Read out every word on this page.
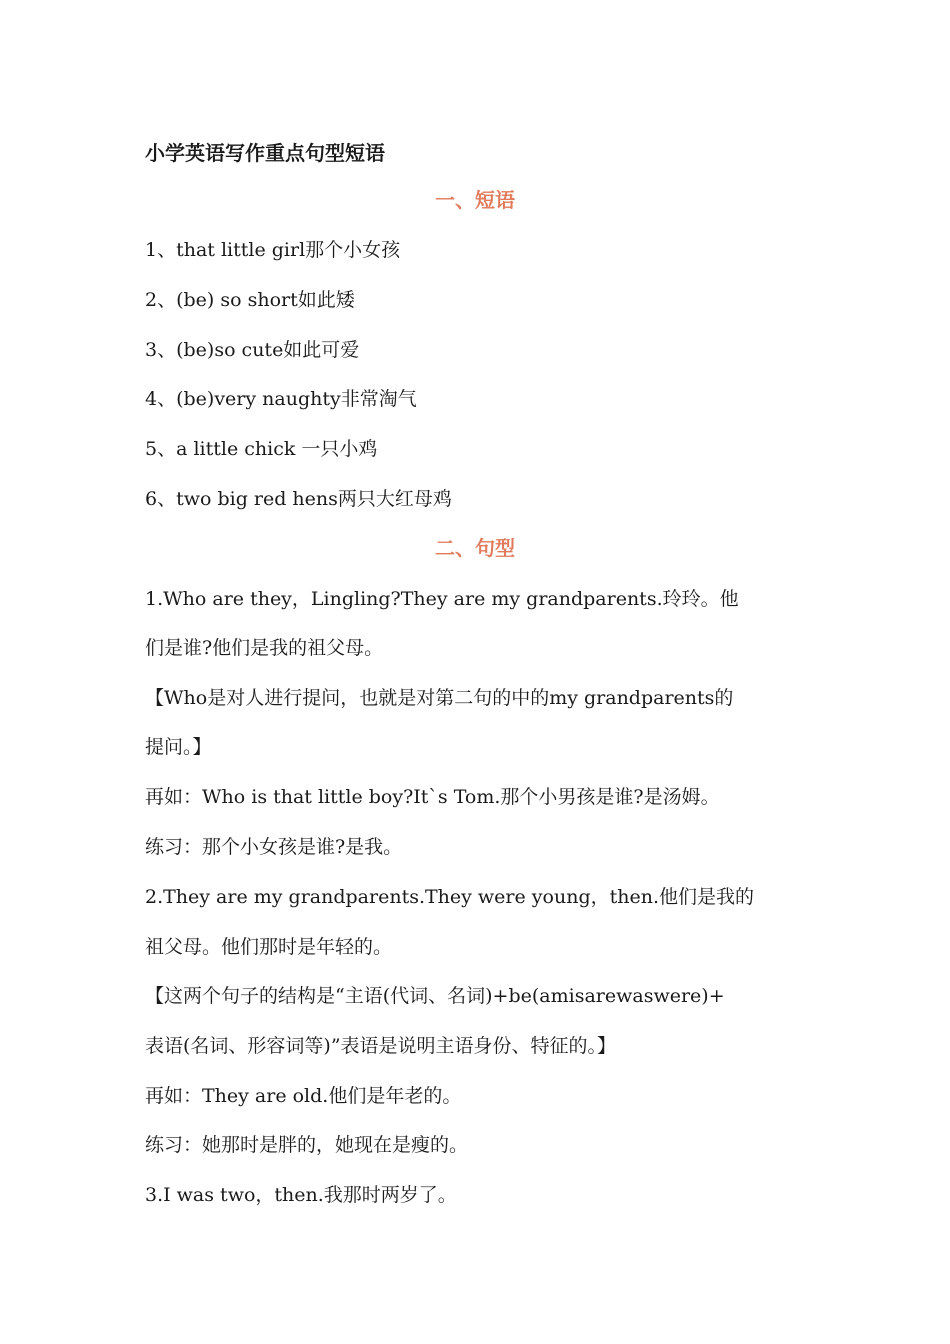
小学英语写作重点句型短语
一、短语
1、that little girl那个小女孩
2、(be) so short如此矮
3、(be)so cute如此可爱
4、(be)very naughty非常淘气
5、a little chick 一只小鸡
6、two big red hens两只大红母鸡
二、句型
1.Who are they，Lingling?They are my grandparents.玲玲。他
们是谁?他们是我的祖父母。
【Who是对人进行提问，也就是对第二句的中的my grandparents的
提问。】
再如：Who is that little boy?It`s Tom.那个小男孩是谁?是汤姆。
练习：那个小女孩是谁?是我。
2.They are my grandparents.They were young，then.他们是我的
祖父母。他们那时是年轻的。
【这两个句子的结构是“主语(代词、名词)+be(amisarewaswere)+
表语(名词、形容词等)”表语是说明主语身份、特征的。】
再如：They are old.他们是年老的。
练习：她那时是胖的，她现在是瘦的。
3.I was two，then.我那时两岁了。
